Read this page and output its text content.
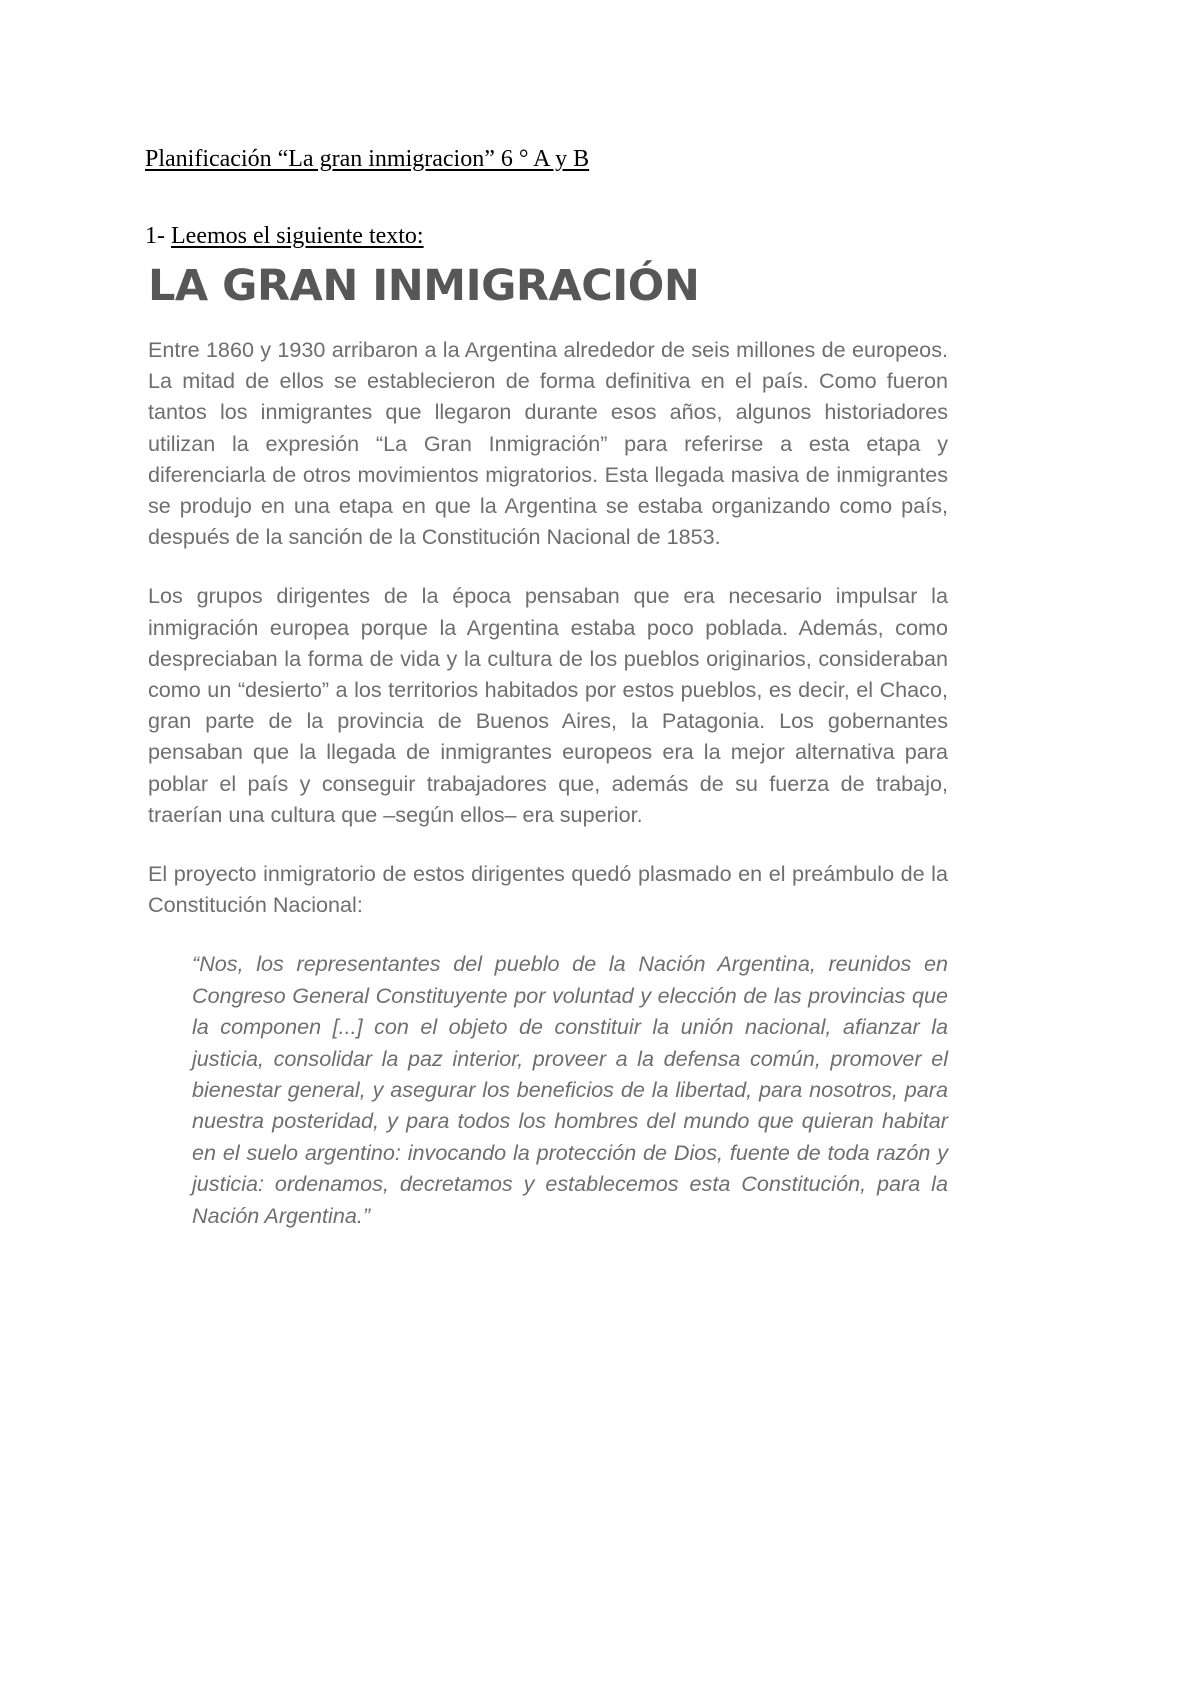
Planificación “La gran inmigracion” 6 ° A y B
1- Leemos el siguiente texto:
LA GRAN INMIGRACIÓN

Entre 1860 y 1930 arribaron a la Argentina alrededor de seis millones de europeos. La mitad de ellos se establecieron de forma definitiva en el país. Como fueron tantos los inmigrantes que llegaron durante esos años, algunos historiadores utilizan la expresión “La Gran Inmigración” para referirse a esta etapa y diferenciarla de otros movimientos migratorios. Esta llegada masiva de inmigrantes se produjo en una etapa en que la Argentina se estaba organizando como país, después de la sanción de la Constitución Nacional de 1853.

Los grupos dirigentes de la época pensaban que era necesario impulsar la inmigración europea porque la Argentina estaba poco poblada. Además, como despreciaban la forma de vida y la cultura de los pueblos originarios, consideraban como un “desierto” a los territorios habitados por estos pueblos, es decir, el Chaco, gran parte de la provincia de Buenos Aires, la Patagonia. Los gobernantes pensaban que la llegada de inmigrantes europeos era la mejor alternativa para poblar el país y conseguir trabajadores que, además de su fuerza de trabajo, traerían una cultura que –según ellos– era superior.

El proyecto inmigratorio de estos dirigentes quedó plasmado en el preámbulo de la Constitución Nacional:

“Nos, los representantes del pueblo de la Nación Argentina, reunidos en Congreso General Constituyente por voluntad y elección de las provincias que la componen [...] con el objeto de constituir la unión nacional, afianzar la justicia, consolidar la paz interior, proveer a la defensa común, promover el bienestar general, y asegurar los beneficios de la libertad, para nosotros, para nuestra posteridad, y para todos los hombres del mundo que quieran habitar en el suelo argentino: invocando la protección de Dios, fuente de toda razón y justicia: ordenamos, decretamos y establecemos esta Constitución, para la Nación Argentina.”
